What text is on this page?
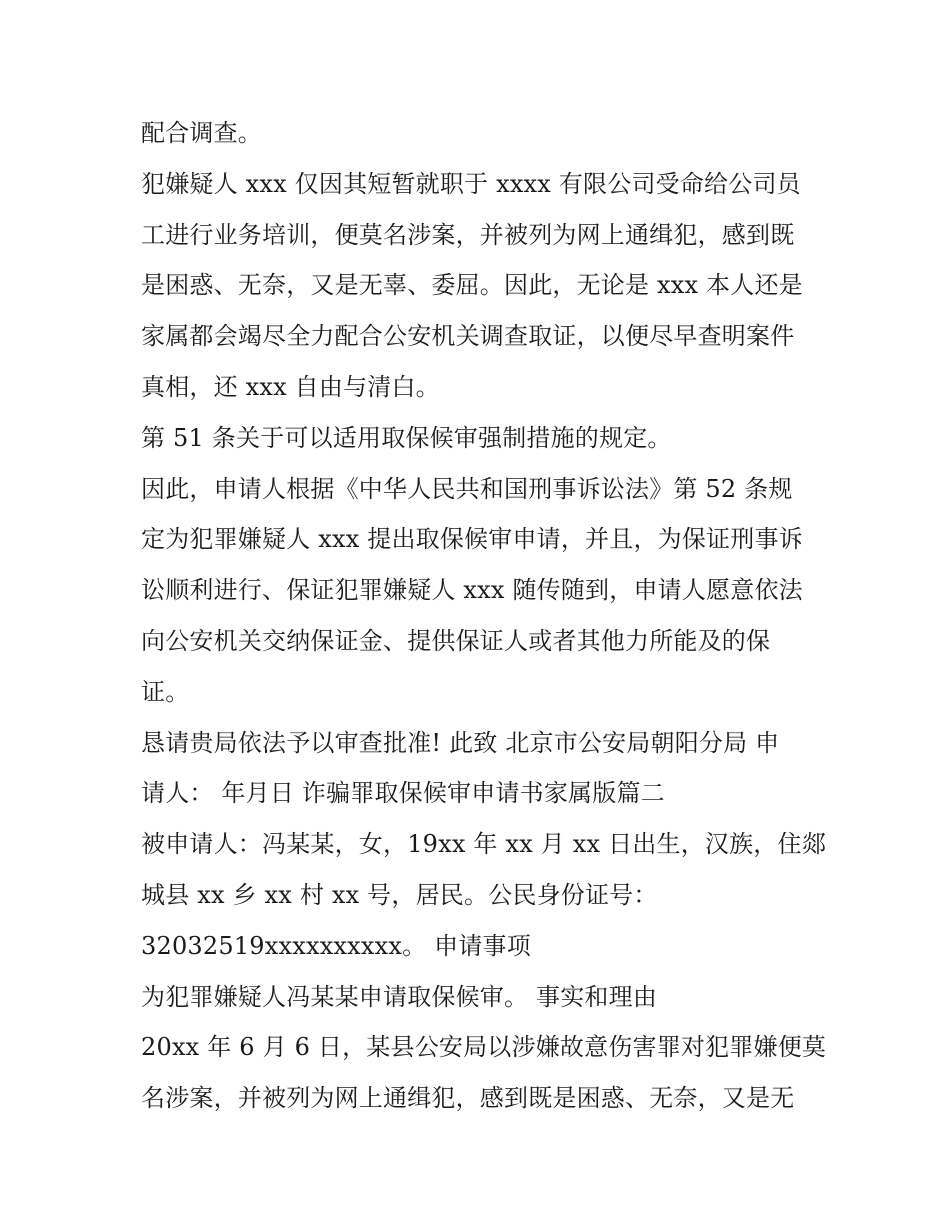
配合调查。
犯嫌疑人 xxx 仅因其短暂就职于 xxxx 有限公司受命给公司员
工进行业务培训，便莫名涉案，并被列为网上通缉犯，感到既
是困惑、无奈，又是无辜、委屈。因此，无论是 xxx 本人还是
家属都会竭尽全力配合公安机关调查取证，以便尽早查明案件
真相，还 xxx 自由与清白。
第 51 条关于可以适用取保候审强制措施的规定。
因此，申请人根据《中华人民共和国刑事诉讼法》第 52 条规
定为犯罪嫌疑人 xxx 提出取保候审申请，并且，为保证刑事诉
讼顺利进行、保证犯罪嫌疑人 xxx 随传随到，申请人愿意依法
向公安机关交纳保证金、提供保证人或者其他力所能及的保
证。
恳请贵局依法予以审查批准! 此致 北京市公安局朝阳分局 申
请人： 年月日 诈骗罪取保候审申请书家属版篇二
被申请人：冯某某，女，19xx 年 xx 月 xx 日出生，汉族，住郯
城县 xx 乡 xx 村 xx 号，居民。公民身份证号：
32032519xxxxxxxxxx。 申请事项
为犯罪嫌疑人冯某某申请取保候审。 事实和理由
20xx 年 6 月 6 日，某县公安局以涉嫌故意伤害罪对犯罪嫌便莫
名涉案，并被列为网上通缉犯，感到既是困惑、无奈，又是无
